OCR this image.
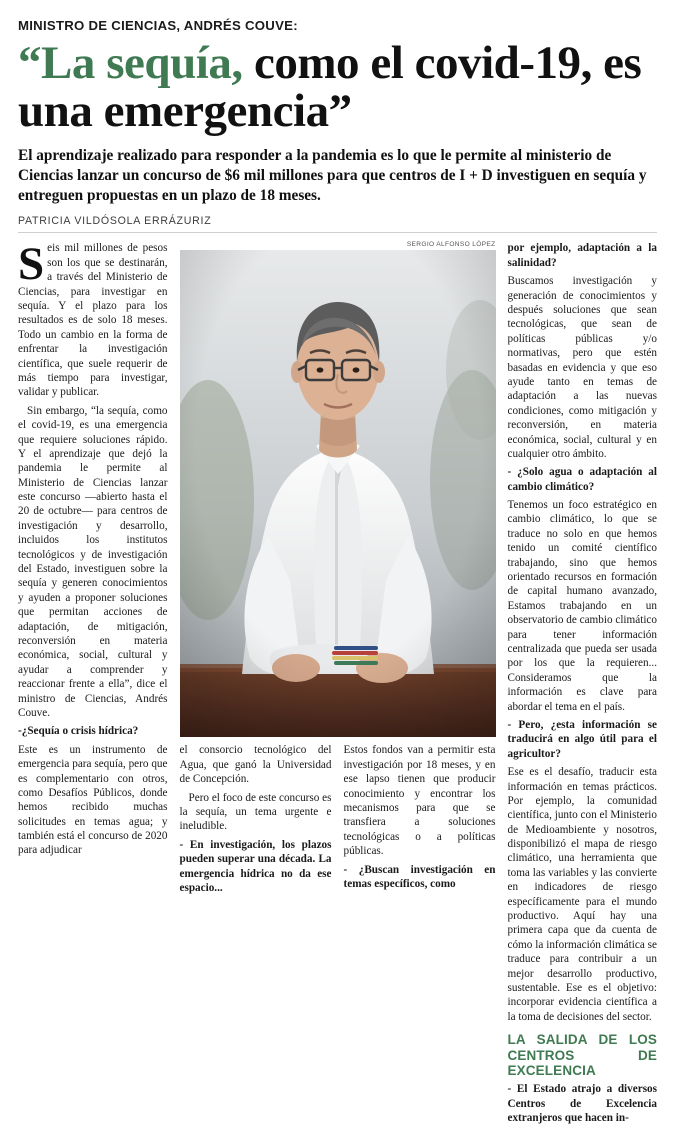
MINISTRO DE CIENCIAS, ANDRÉS COUVE:
“La sequía, como el covid-19, es una emergencia”
El aprendizaje realizado para responder a la pandemia es lo que le permite al ministerio de Ciencias lanzar un concurso de $6 mil millones para que centros de I + D investiguen en sequía y entreguen propuestas en un plazo de 18 meses.
PATRICIA VILDÓSOLA ERRÁZURIZ

Seis mil millones de pesos son los que se destinarán, a través del Ministerio de Ciencias, para investigar en sequía. Y el plazo para los resultados es de solo 18 meses. Todo un cambio en la forma de enfrentar la investigación científica, que suele requerir de más tiempo para investigar, validar y publicar.

Sin embargo, “la sequía, como el covid-19, es una emergencia que requiere soluciones rápido. Y el aprendizaje que dejó la pandemia le permite al Ministerio de Ciencias lanzar este concurso —abierto hasta el 20 de octubre— para centros de investigación y desarrollo, incluidos los institutos tecnológicos y de investigación del Estado, investiguen sobre la sequía y generen conocimientos y ayuden a proponer soluciones que permitan acciones de adaptación, de mitigación, reconversión en materia económica, social, cultural y ayudar a comprender y reaccionar frente a ella”, dice el ministro de Ciencias, Andrés Couve.

-¿Sequía o crisis hídrica?

Este es un instrumento de emergencia para sequía, pero que es complementario con otros, como Desafíos Públicos, donde hemos recibido muchas solicitudes en temas agua; y también está el concurso de 2020 para adjudicar

SERGIO ALFONSO LÓPEZ

el consorcio tecnológico del Agua, que ganó la Universidad de Concepción.

Pero el foco de este concurso es la sequía, un tema urgente e ineludible.

- En investigación, los plazos pueden superar una década. La emergencia hídrica no da ese espacio...

Estos fondos van a permitir esta investigación por 18 meses, y en ese lapso tienen que producir conocimiento y encontrar los mecanismos para que se transfiera a soluciones tecnológicas o a políticas públicas.

- ¿Buscan investigación en temas específicos, como

por ejemplo, adaptación a la salinidad?

Buscamos investigación y generación de conocimientos y después soluciones que sean tecnológicas, que sean de políticas públicas y/o normativas, pero que estén basadas en evidencia y que eso ayude tanto en temas de adaptación a las nuevas condiciones, como mitigación y reconversión, en materia económica, social, cultural y en cualquier otro ámbito.

- ¿Solo agua o adaptación al cambio climático?

Tenemos un foco estratégico en cambio climático, lo que se traduce no solo en que hemos tenido un comité científico trabajando, sino que hemos orientado recursos en formación de capital humano avanzado, Estamos trabajando en un observatorio de cambio climático para tener información centralizada que pueda ser usada por los que la requieren... Consideramos que la información es clave para abordar el tema en el país.

- Pero, ¿esta información se traducirá en algo útil para el agricultor?

Ese es el desafío, traducir esta información en temas prácticos. Por ejemplo, la comunidad científica, junto con el Ministerio de Medioambiente y nosotros, disponibilizó el mapa de riesgo climático, una herramienta que toma las variables y las convierte en indicadores de riesgo específicamente para el mundo productivo. Aquí hay una primera capa que da cuenta de cómo la información climática se traduce para contribuir a un mejor desarrollo productivo, sustentable. Ese es el objetivo: incorporar evidencia científica a la toma de decisiones del sector.

LA SALIDA DE LOS CENTROS DE EXCELENCIA

- El Estado atrajo a diversos Centros de Excelencia extranjeros que hacen in-
